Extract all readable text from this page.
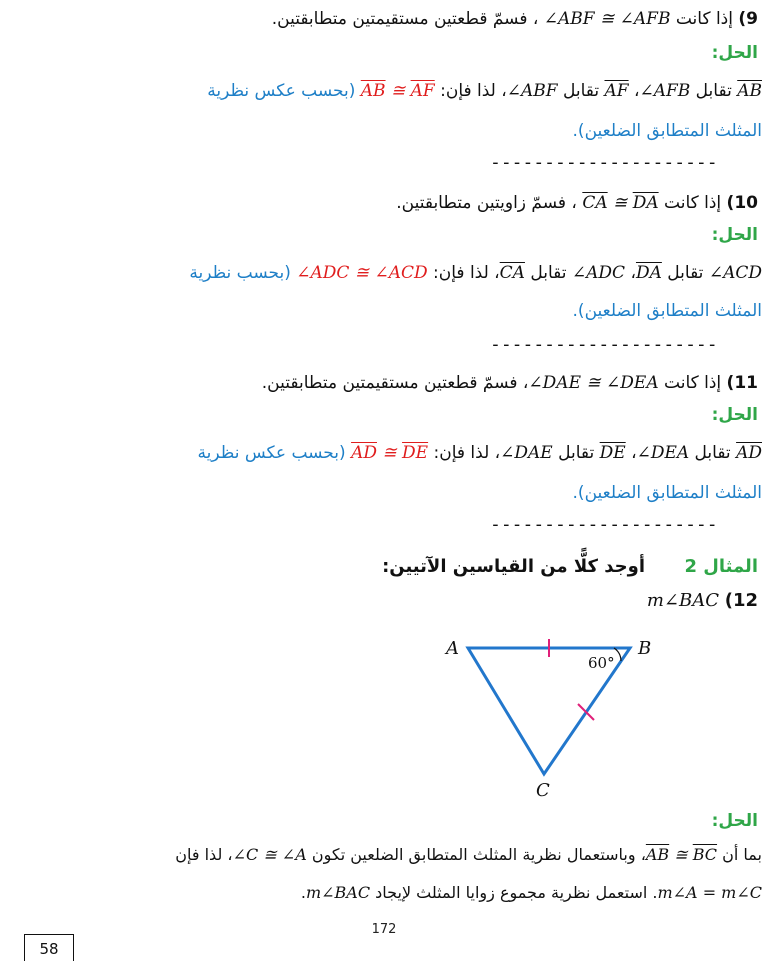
9) إذا كانت ∠ABF ≅ ∠AFB ، فسمّ قطعتين مستقيمتين متطابقتين.
الحل:
AB تقابل ∠AFB، AF تقابل ∠ABF، لذا فإن: $\overline{AB}$ ≅ $\overline{AF}$ (بحسب عكس نظرية
المثلث المتطابق الضلعين).
---------------------
10) إذا كانت $\overline{CA}$ ≅ $\overline{DA}$ ، فسمّ زاويتين متطابقتين.
الحل:
∠ACD تقابل DA، ∠ADC تقابل CA، لذا فإن: ∠ADC ≅ ∠ACD (بحسب نظرية
المثلث المتطابق الضلعين).
---------------------
11) إذا كانت ∠DAE ≅ ∠DEA، فسمّ قطعتين مستقيمتين متطابقتين.
الحل:
AD تقابل ∠DEA، DE تقابل ∠DAE، لذا فإن: $\overline{AD}$ ≅ $\overline{DE}$ (بحسب عكس نظرية
المثلث المتطابق الضلعين).
---------------------
المثال 2  أوجد كلًّا من القياسين الآتيين:
12) m∠BAC
A	B
C
60°
الحل:
بما أن $\overline{AB}$ ≅ $\overline{BC}،$ وباستعمال نظرية المثلث المتطابق الضلعين تكون ∠C ≅ ∠A، لذا فإن
m∠A = m∠C. استعمل نظرية مجموع زوايا المثلث لإيجاد m∠BAC.
172
58
